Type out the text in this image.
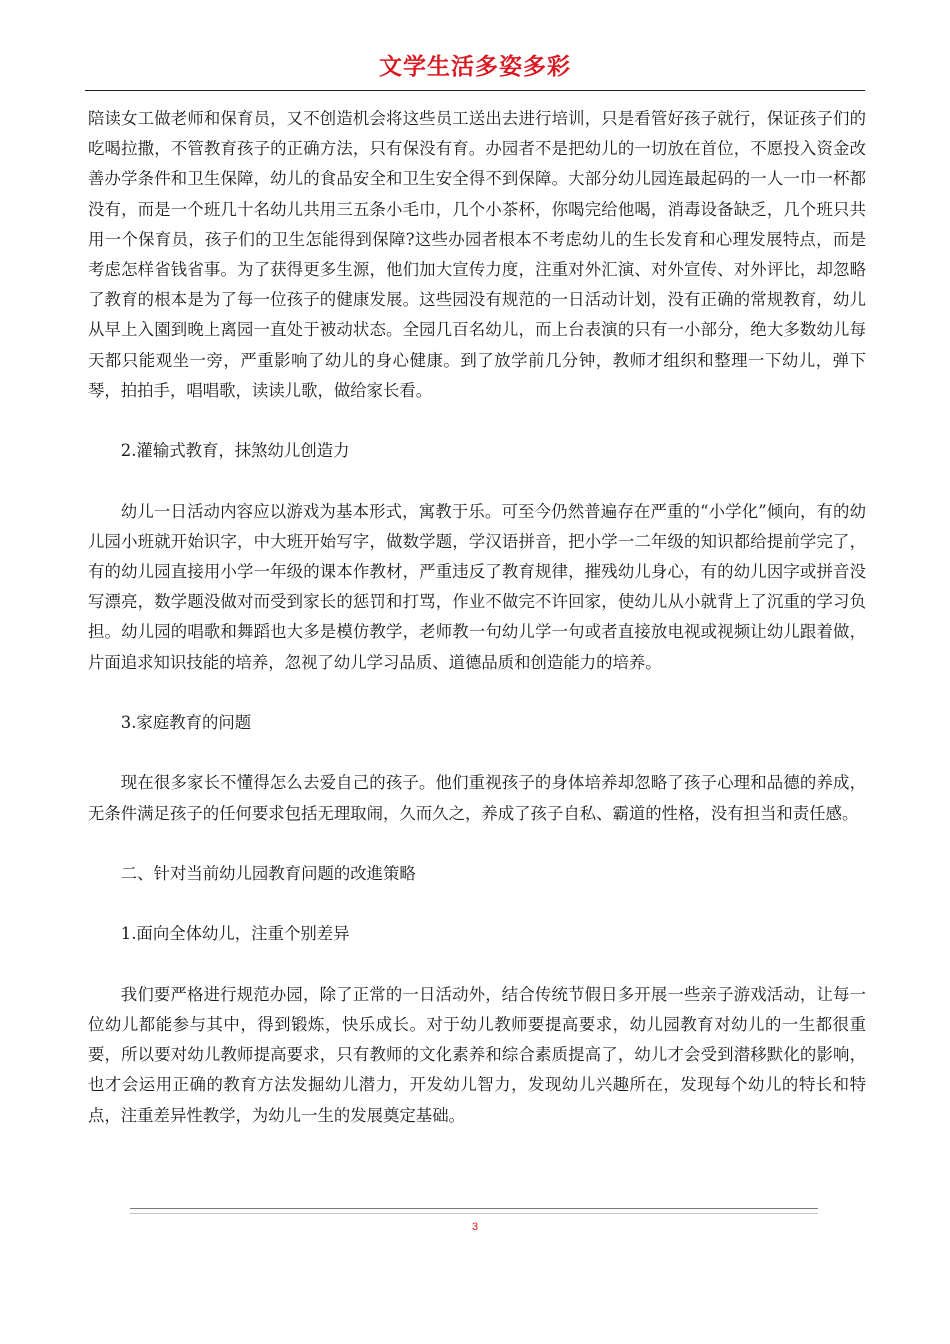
文学生活多姿多彩

陪读女工做老师和保育员，又不创造机会将这些员工送出去进行培训，只是看管好孩子就行，保证孩子们的吃喝拉撒，不管教育孩子的正确方法，只有保没有育。办园者不是把幼儿的一切放在首位，不愿投入资金改善办学条件和卫生保障，幼儿的食品安全和卫生安全得不到保障。大部分幼儿园连最起码的一人一巾一杯都没有，而是一个班几十名幼儿共用三五条小毛巾，几个小茶杯，你喝完给他喝，消毒设备缺乏，几个班只共用一个保育员，孩子们的卫生怎能得到保障?这些办园者根本不考虑幼儿的生长发育和心理发展特点，而是考虑怎样省钱省事。为了获得更多生源，他们加大宣传力度，注重对外汇演、对外宣传、对外评比，却忽略了教育的根本是为了每一位孩子的健康发展。这些园没有规范的一日活动计划，没有正确的常规教育，幼儿从早上入園到晚上离园一直处于被动状态。全园几百名幼儿，而上台表演的只有一小部分，绝大多数幼儿每天都只能观坐一旁，严重影响了幼儿的身心健康。到了放学前几分钟，教师才组织和整理一下幼儿，弹下琴，拍拍手，唱唱歌，读读儿歌，做给家长看。

2.灌输式教育，抹煞幼儿创造力

幼儿一日活动内容应以游戏为基本形式，寓教于乐。可至今仍然普遍存在严重的“小学化”倾向，有的幼儿园小班就开始识字，中大班开始写字，做数学题，学汉语拼音，把小学一二年级的知识都给提前学完了，有的幼儿园直接用小学一年级的课本作教材，严重违反了教育规律，摧残幼儿身心，有的幼儿因字或拼音没写漂亮，数学题没做对而受到家长的惩罚和打骂，作业不做完不许回家，使幼儿从小就背上了沉重的学习负担。幼儿园的唱歌和舞蹈也大多是模仿教学，老师教一句幼儿学一句或者直接放电视或视频让幼儿跟着做，片面追求知识技能的培养，忽视了幼儿学习品质、道德品质和创造能力的培养。

3.家庭教育的问题

现在很多家长不懂得怎么去爱自己的孩子。他们重视孩子的身体培养却忽略了孩子心理和品德的养成，无条件满足孩子的任何要求包括无理取闹，久而久之，养成了孩子自私、霸道的性格，没有担当和责任感。

二、针对当前幼儿园教育问题的改進策略

1.面向全体幼儿，注重个别差异

我们要严格进行规范办园，除了正常的一日活动外，结合传统节假日多开展一些亲子游戏活动，让每一位幼儿都能参与其中，得到锻炼，快乐成长。对于幼儿教师要提高要求，幼儿园教育对幼儿的一生都很重要，所以要对幼儿教师提高要求，只有教师的文化素养和综合素质提高了，幼儿才会受到潜移默化的影响，也才会运用正确的教育方法发掘幼儿潜力，开发幼儿智力，发现幼儿兴趣所在，发现每个幼儿的特长和特点，注重差异性教学，为幼儿一生的发展奠定基础。

3
